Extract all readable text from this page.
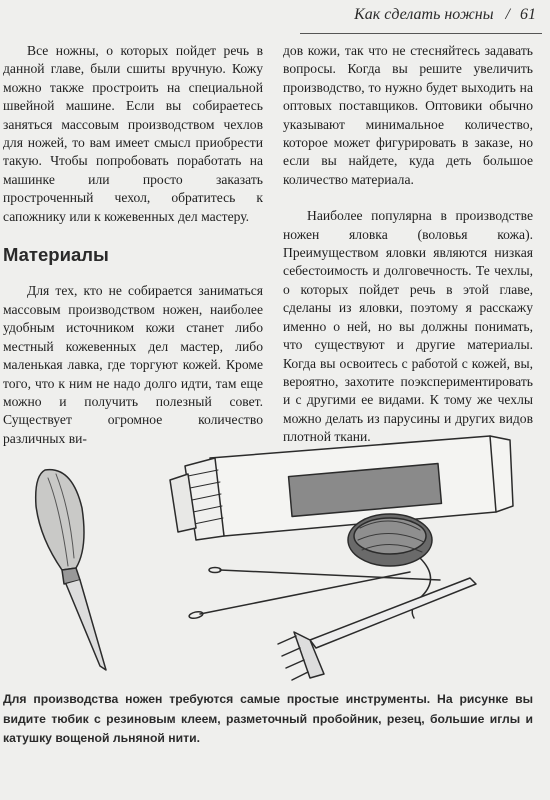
Как сделать ножны / 61

Все ножны, о которых пойдет речь в данной главе, были сшиты вручную. Кожу можно также простроить на специальной швейной машине. Если вы собираетесь заняться массовым производством чехлов для ножей, то вам имеет смысл приобрести такую. Чтобы попробовать поработать на машинке или просто заказать простроченный чехол, обратитесь к сапожнику или к кожевенных дел мастеру.

Материалы

Для тех, кто не собирается заниматься массовым производством ножен, наиболее удобным источником кожи станет либо местный кожевенных дел мастер, либо маленькая лавка, где торгуют кожей. Кроме того, что к ним не надо долго идти, там еще можно и получить полезный совет. Существует огромное количество различных ви-

дов кожи, так что не стесняйтесь задавать вопросы. Когда вы решите увеличить производство, то нужно будет выходить на оптовых поставщиков. Оптовики обычно указывают минимальное количество, которое может фигурировать в заказе, но если вы найдете, куда деть большое количество материала.

Наиболее популярна в производстве ножен яловка (воловья кожа). Преимуществом яловки являются низкая себестоимость и долговечность. Те чехлы, о которых пойдет речь в этой главе, сделаны из яловки, поэтому я расскажу именно о ней, но вы должны понимать, что существуют и другие материалы. Когда вы освоитесь с работой с кожей, вы, вероятно, захотите поэкспериментировать и с другими ее видами. К тому же чехлы можно делать из парусины и других видов плотной ткани.

Для производства ножен требуются самые простые инструменты. На рисунке вы видите тюбик с резиновым клеем, разметочный пробойник, резец, большие иглы и катушку вощеной льняной нити.
